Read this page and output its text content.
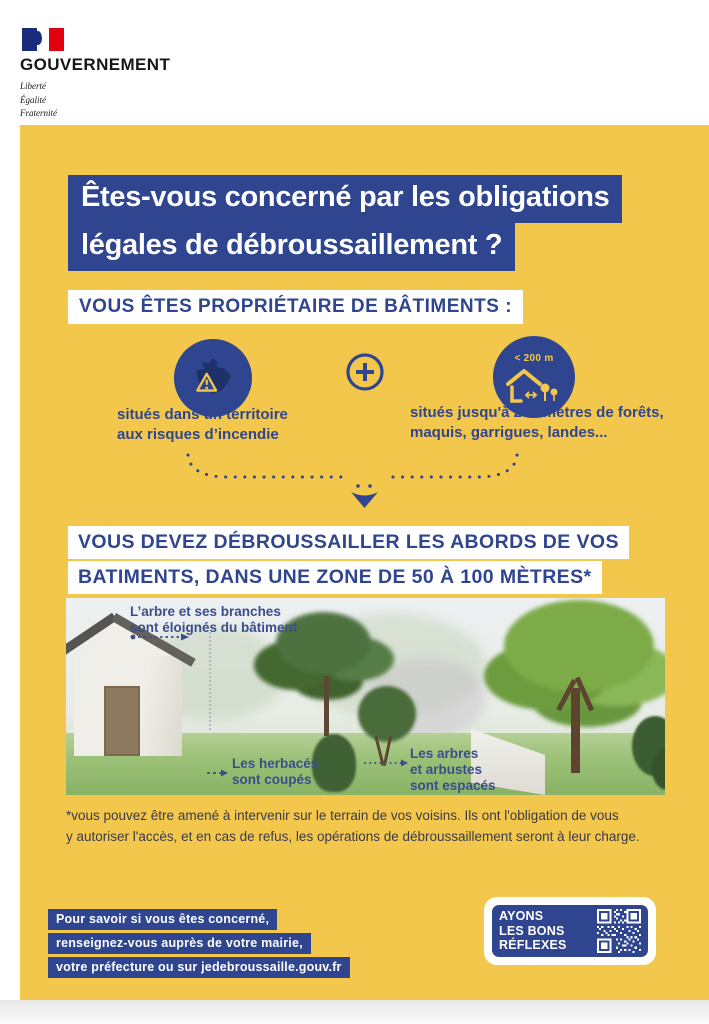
GOUVERNEMENT
Liberté
Égalité
Fraternité
Êtes-vous concerné par les obligations
légales de débroussaillement ?
VOUS ÊTES PROPRIÉTAIRE DE BÂTIMENTS :
< 200 m
situés dans un territoire
aux risques d’incendie
situés jusqu'à 200 mètres de forêts,
maquis, garrigues, landes...
VOUS DEVEZ DÉBROUSSAILLER LES ABORDS DE VOS
BATIMENTS, DANS UNE ZONE DE 50 À 100 MÈTRES*
L’arbre et ses branches
sont éloignés du bâtiment
Les herbacés
sont coupés
Les arbres
et arbustes
sont espacés
*vous pouvez être amené à intervenir sur le terrain de vos voisins. Ils ont l'obligation de vous
y autoriser l'accès, et en cas de refus, les opérations de débroussaillement seront à leur charge.
Pour savoir si vous êtes concerné,
renseignez-vous auprès de votre mairie,
votre préfecture ou sur jedebroussaille.gouv.fr
AYONS
LES BONS
RÉFLEXES
